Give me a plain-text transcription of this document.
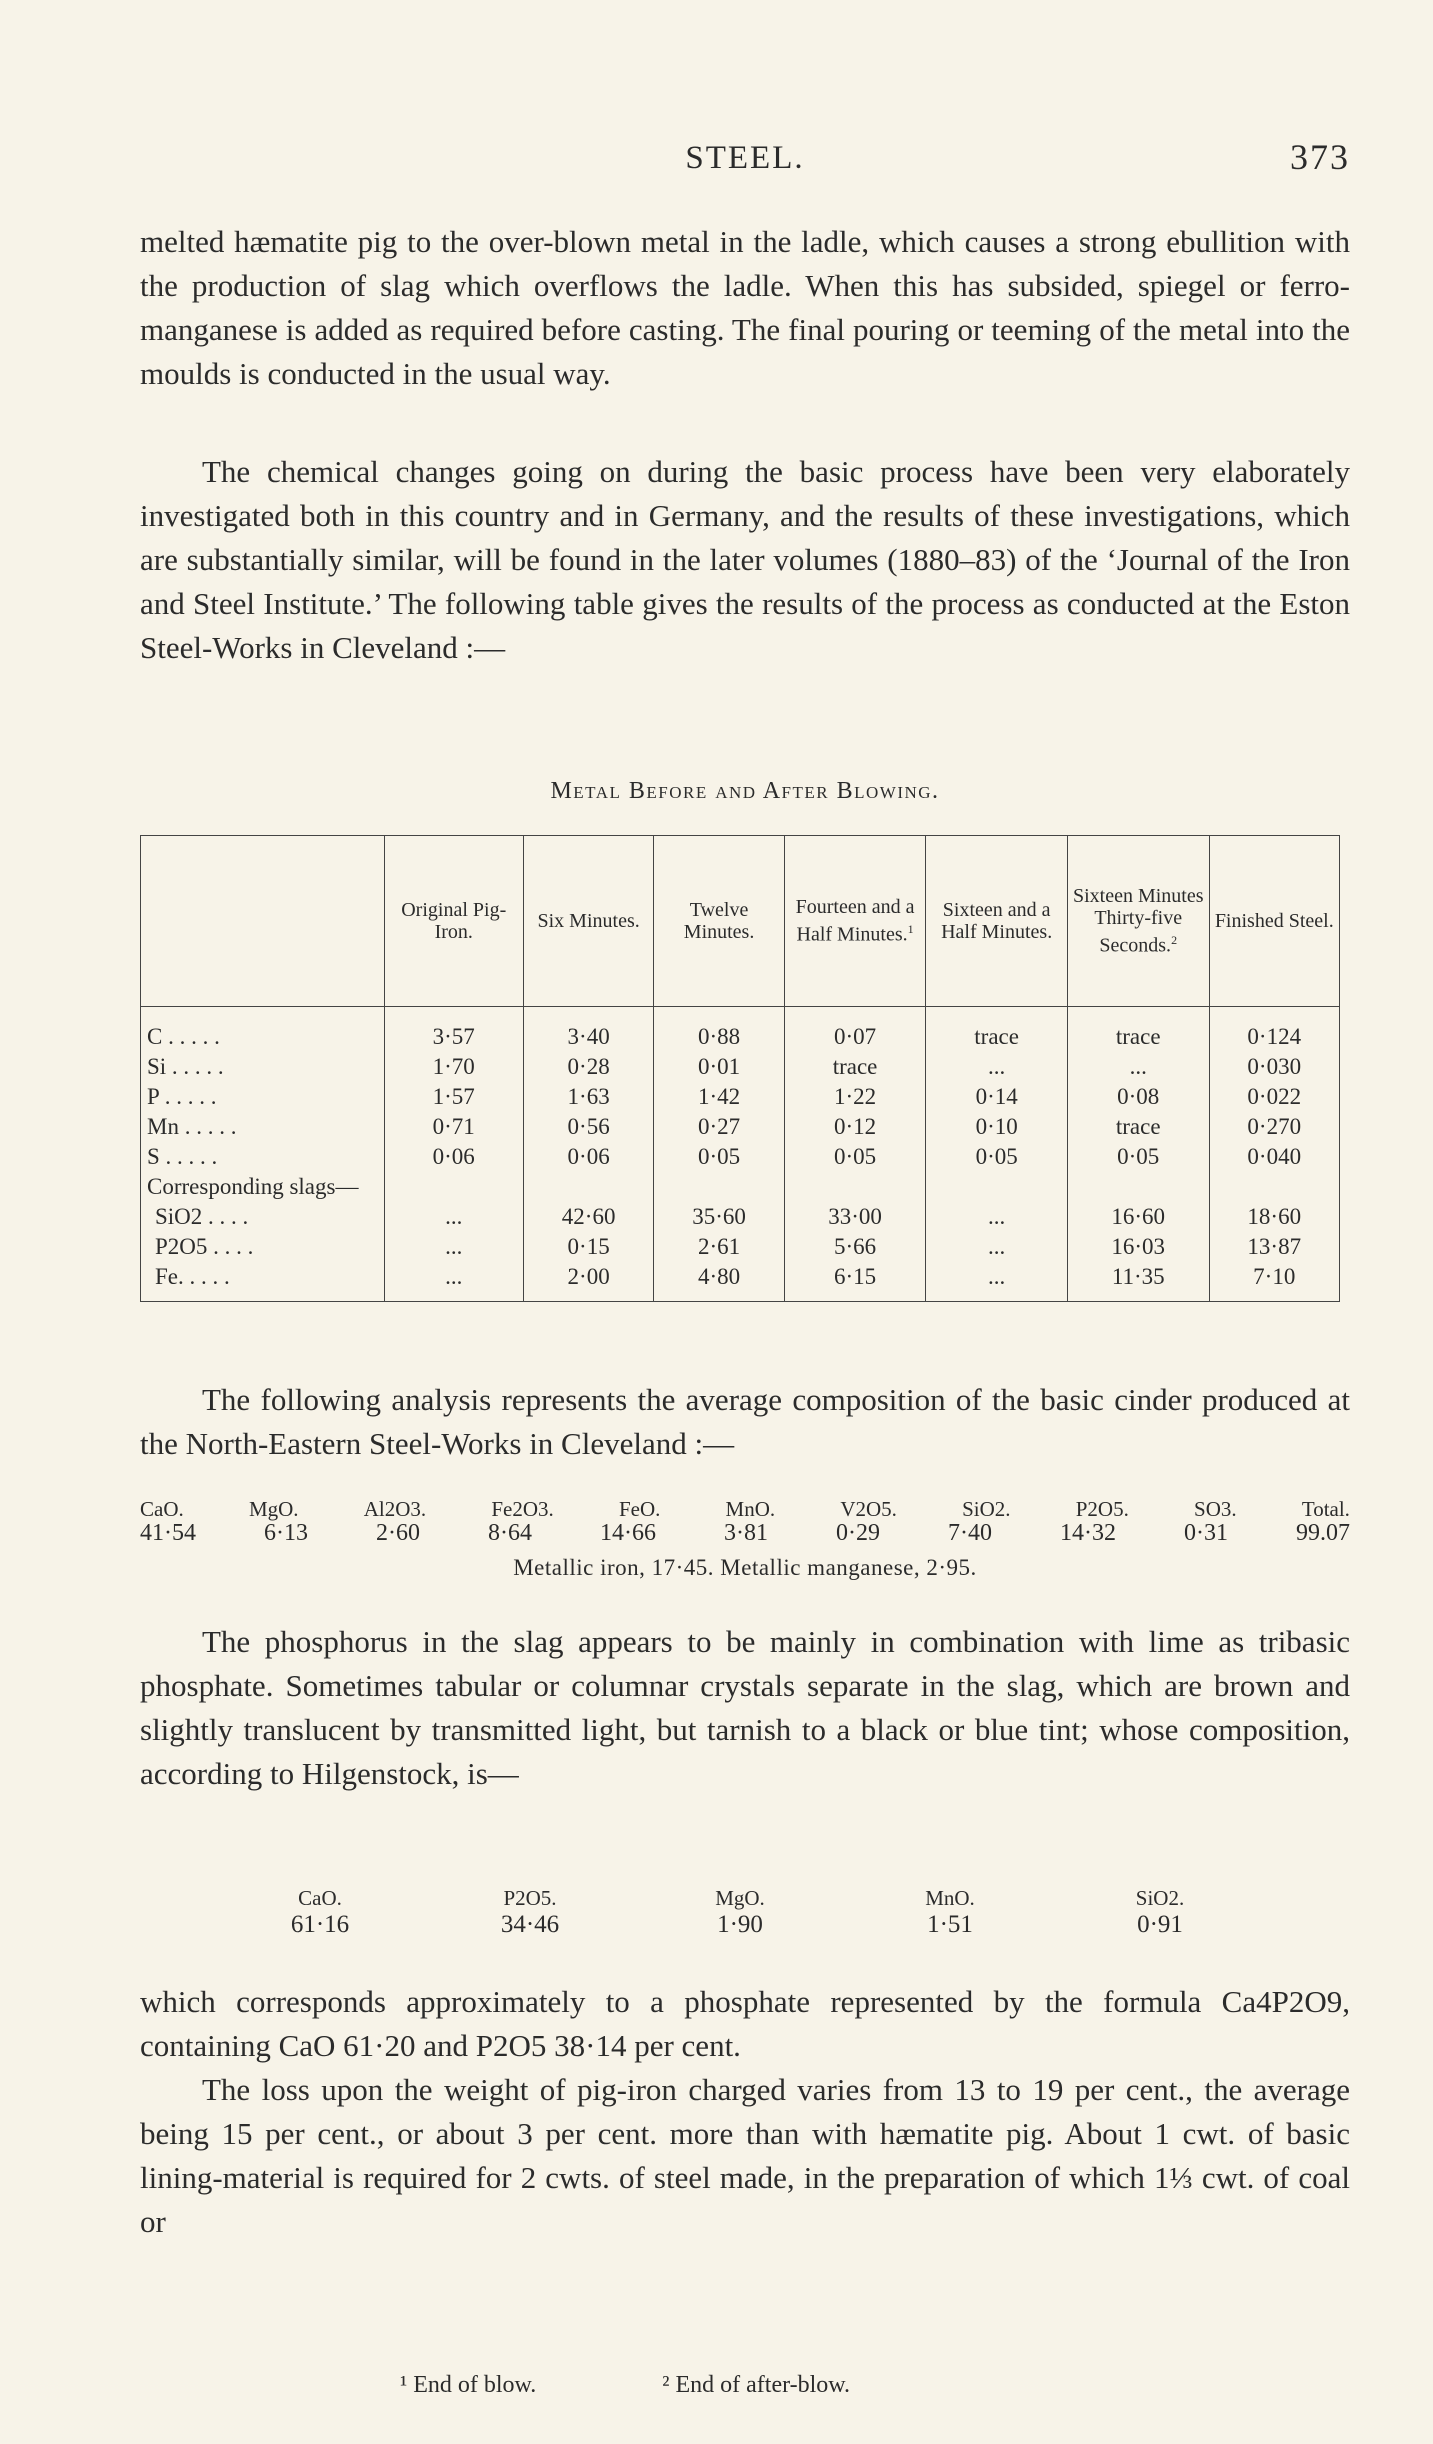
STEEL.	373

melted hæmatite pig to the over-blown metal in the ladle, which causes a strong ebullition with the production of slag which overflows the ladle. When this has subsided, spiegel or ferro-manganese is added as required before casting. The final pouring or teeming of the metal into the moulds is conducted in the usual way.

The chemical changes going on during the basic process have been very elaborately investigated both in this country and in Germany, and the results of these investigations, which are substantially similar, will be found in the later volumes (1880–83) of the ‘Journal of the Iron and Steel Institute.’ The following table gives the results of the process as conducted at the Eston Steel-Works in Cleveland :—

Metal Before and After Blowing.
	Original Pig-Iron.	Six Minutes.	Twelve Minutes.	Fourteen and a Half Minutes.$^1$	Sixteen and a Half Minutes.	Sixteen Minutes Thirty-five Seconds.$^2$	Finished Steel.
C . . . . .	3·57	3·40	0·88	0·07	trace	trace	0·124
Si . . . . .	1·70	0·28	0·01	trace	...	...	0·030
P . . . . .	1·57	1·63	1·42	1·22	0·14	0·08	0·022
Mn . . . . .	0·71	0·56	0·27	0·12	0·10	trace	0·270
S . . . . .	0·06	0·06	0·05	0·05	0·05	0·05	0·040
Corresponding slags—							
SiO2 . . . .	...	42·60	35·60	33·00	...	16·60	18·60
P2O5 . . . .	...	0·15	2·61	5·66	...	16·03	13·87
Fe. . . . .	...	2·00	4·80	6·15	...	11·35	7·10

The following analysis represents the average composition of the basic cinder produced at the North-Eastern Steel-Works in Cleveland :—

CaO.	MgO.	Al2O3.	Fe2O3.	FeO.	MnO.	V2O5.	SiO2.	P2O5.	SO3.	Total.
41·54	6·13	2·60	8·64	14·66	3·81	0·29	7·40	14·32	0·31	99.07
Metallic iron, 17·45. Metallic manganese, 2·95.

The phosphorus in the slag appears to be mainly in combination with lime as tribasic phosphate. Sometimes tabular or columnar crystals separate in the slag, which are brown and slightly translucent by transmitted light, but tarnish to a black or blue tint; whose composition, according to Hilgenstock, is—

CaO.	P2O5.	MgO.	MnO.	SiO2.
61·16	34·46	1·90	1·51	0·91

which corresponds approximately to a phosphate represented by the formula Ca4P2O9, containing CaO 61·20 and P2O5 38·14 per cent.

The loss upon the weight of pig-iron charged varies from 13 to 19 per cent., the average being 15 per cent., or about 3 per cent. more than with hæmatite pig. About 1 cwt. of basic lining-material is required for 2 cwts. of steel made, in the preparation of which 1⅓ cwt. of coal or

¹ End of blow.	² End of after-blow.
